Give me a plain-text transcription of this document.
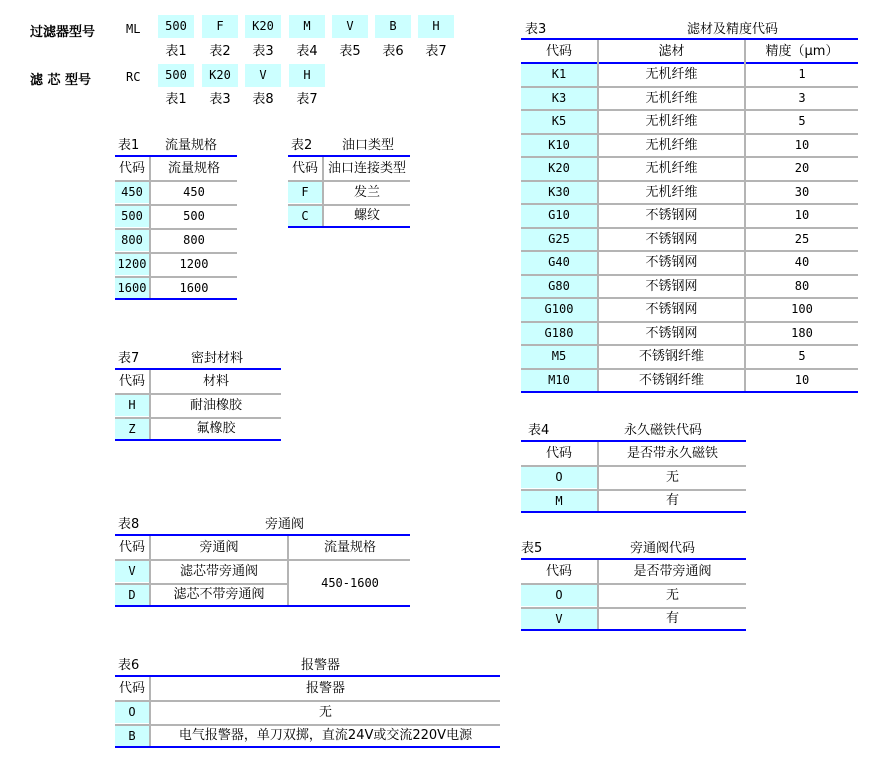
过滤器型号	ML	500	F	K20	M	V	B	H
表1	表2	表3	表4	表5	表6	表7
滤 芯 型号	RC	500	K20	V	H
表1	表3	表8	表7
表1 流量规格
代码	流量规格
450	450
500	500
800	800
1200	1200
1600	1600
表2 油口类型
代码 油口连接类型
F	发兰
C	螺纹
表7	密封材料
代码	材料
H	耐油橡胶
Z	氟橡胶
表8	旁通阀
代码	旁通阀	流量规格
V	滤芯带旁通阀
D	滤芯不带旁通阀
450-1600
表6	报警器
代码	报警器
O	无
B	电气报警器，单刀双掷，直流24V或交流220V电源
表3	滤材及精度代码
代码	滤材	精度（μm）
K1	无机纤维	1
K3	无机纤维	3
K5	无机纤维	5
K10	无机纤维	10
K20	无机纤维	20
K30	无机纤维	30
G10	不锈钢网	10
G25	不锈钢网	25
G40	不锈钢网	40
G80	不锈钢网	80
G100	不锈钢网	100
G180	不锈钢网	180
M5	不锈钢纤维	5
M10	不锈钢纤维	10
表4	永久磁铁代码
代码	是否带永久磁铁
O	无
M	有
表5	旁通阀代码
代码	是否带旁通阀
O	无
V	有
